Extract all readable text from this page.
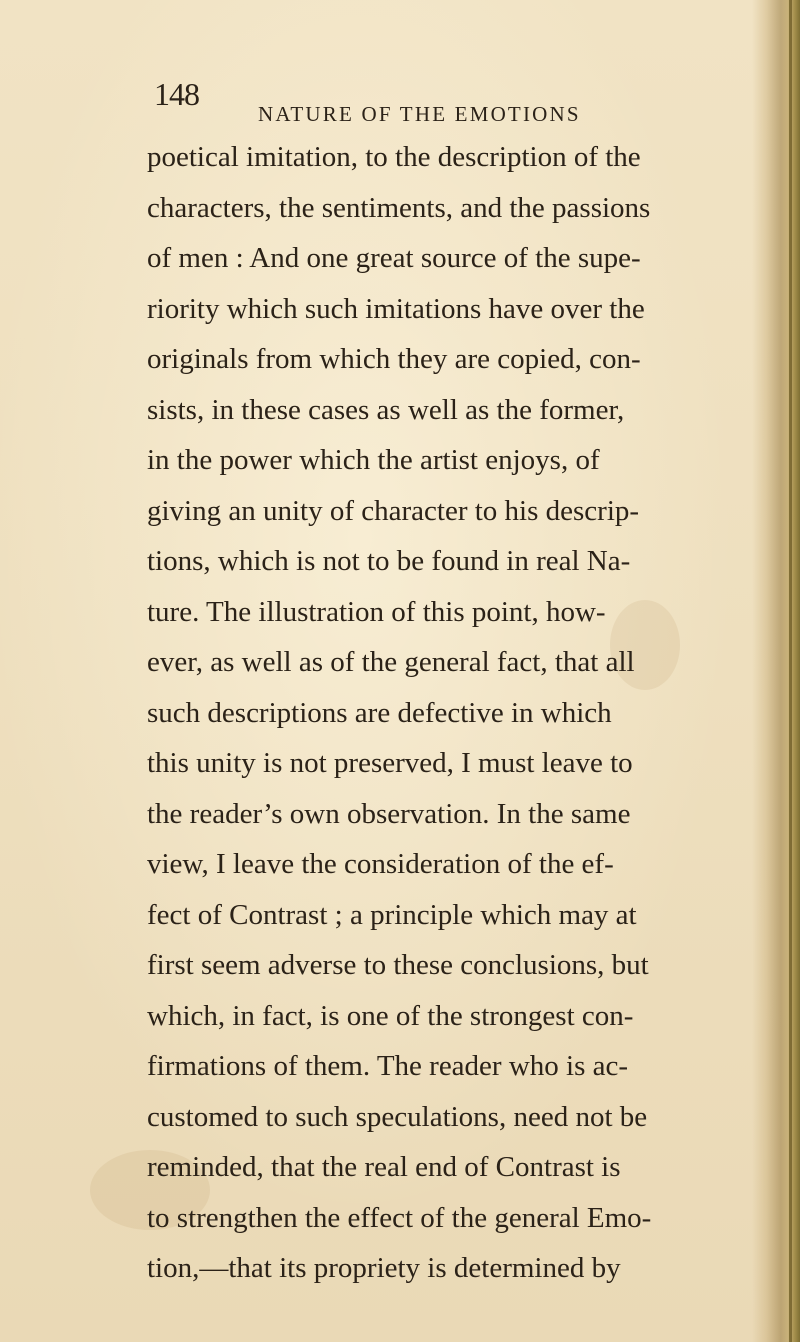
148
NATURE OF THE EMOTIONS
poetical imitation, to the description of the
characters, the sentiments, and the passions
of men : And one great source of the supe-
riority which such imitations have over the
originals from which they are copied, con-
sists, in these cases as well as the former,
in the power which the artist enjoys, of
giving an unity of character to his descrip-
tions, which is not to be found in real Na-
ture. The illustration of this point, how-
ever, as well as of the general fact, that all
such descriptions are defective in which
this unity is not preserved, I must leave to
the reader’s own observation. In the same
view, I leave the consideration of the ef-
fect of Contrast ; a principle which may at
first seem adverse to these conclusions, but
which, in fact, is one of the strongest con-
firmations of them. The reader who is ac-
customed to such speculations, need not be
reminded, that the real end of Contrast is
to strengthen the effect of the general Emo-
tion,—that its propriety is determined by
